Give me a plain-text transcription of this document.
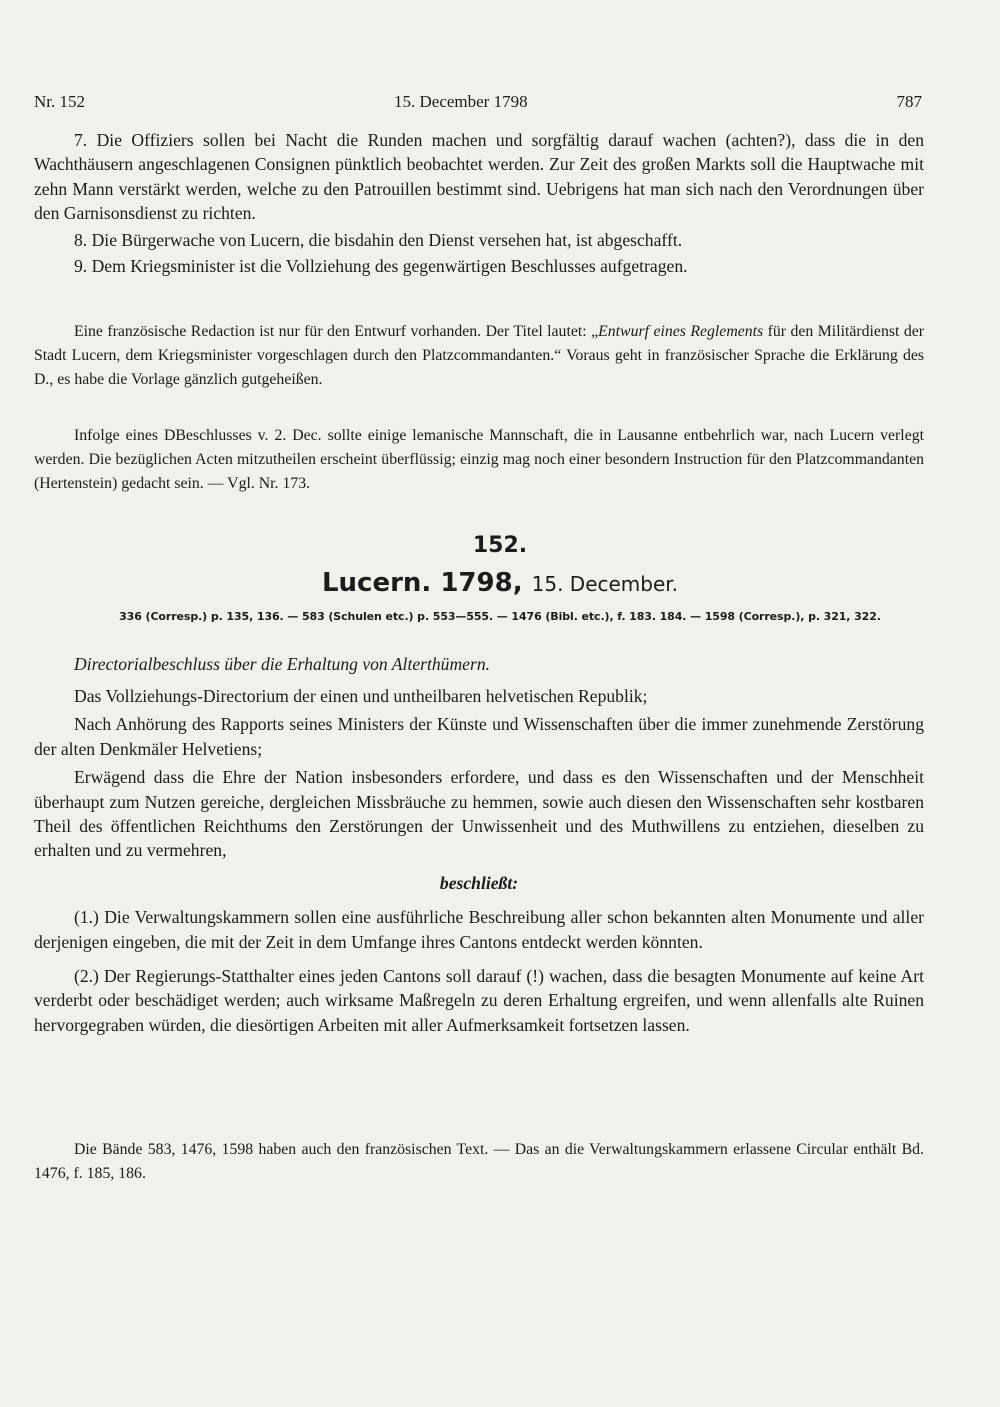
Nr. 152	15. December 1798	787

7. Die Offiziers sollen bei Nacht die Runden machen und sorgfältig darauf wachen (achten?), dass die in den Wachthäusern angeschlagenen Consignen pünktlich beobachtet werden. Zur Zeit des großen Markts soll die Hauptwache mit zehn Mann verstärkt werden, welche zu den Patrouillen bestimmt sind. Uebrigens hat man sich nach den Verordnungen über den Garnisonsdienst zu richten.

8. Die Bürgerwache von Lucern, die bisdahin den Dienst versehen hat, ist abgeschafft.

9. Dem Kriegsminister ist die Vollziehung des gegenwärtigen Beschlusses aufgetragen.

Eine französische Redaction ist nur für den Entwurf vorhanden. Der Titel lautet: „Entwurf eines Reglements für den Militärdienst der Stadt Lucern, dem Kriegsminister vorgeschlagen durch den Platzcommandanten.“ Voraus geht in französischer Sprache die Erklärung des D., es habe die Vorlage gänzlich gutgeheißen.

Infolge eines DBeschlusses v. 2. Dec. sollte einige lemanische Mannschaft, die in Lausanne entbehrlich war, nach Lucern verlegt werden. Die bezüglichen Acten mitzutheilen erscheint überflüssig; einzig mag noch einer besondern Instruction für den Platzcommandanten (Hertenstein) gedacht sein. — Vgl. Nr. 173.

152.
Lucern. 1798, 15. December.
336 (Corresp.) p. 135, 136. — 583 (Schulen etc.) p. 553—555. — 1476 (Bibl. etc.), f. 183. 184. — 1598 (Corresp.), p. 321, 322.

Directorialbeschluss über die Erhaltung von Alterthümern.

Das Vollziehungs-Directorium der einen und untheilbaren helvetischen Republik;

Nach Anhörung des Rapports seines Ministers der Künste und Wissenschaften über die immer zunehmende Zerstörung der alten Denkmäler Helvetiens;

Erwägend dass die Ehre der Nation insbesonders erfordere, und dass es den Wissenschaften und der Menschheit überhaupt zum Nutzen gereiche, dergleichen Missbräuche zu hemmen, sowie auch diesen den Wissenschaften sehr kostbaren Theil des öffentlichen Reichthums den Zerstörungen der Unwissenheit und des Muthwillens zu entziehen, dieselben zu erhalten und zu vermehren,

beschließt:

(1.) Die Verwaltungskammern sollen eine ausführliche Beschreibung aller schon bekannten alten Monumente und aller derjenigen eingeben, die mit der Zeit in dem Umfange ihres Cantons entdeckt werden könnten.

(2.) Der Regierungs-Statthalter eines jeden Cantons soll darauf (!) wachen, dass die besagten Monumente auf keine Art verderbt oder beschädiget werden; auch wirksame Maßregeln zu deren Erhaltung ergreifen, und wenn allenfalls alte Ruinen hervorgegraben würden, die diesörtigen Arbeiten mit aller Aufmerksamkeit fortsetzen lassen.

Die Bände 583, 1476, 1598 haben auch den französischen Text. — Das an die Verwaltungskammern erlassene Circular enthält Bd. 1476, f. 185, 186.
